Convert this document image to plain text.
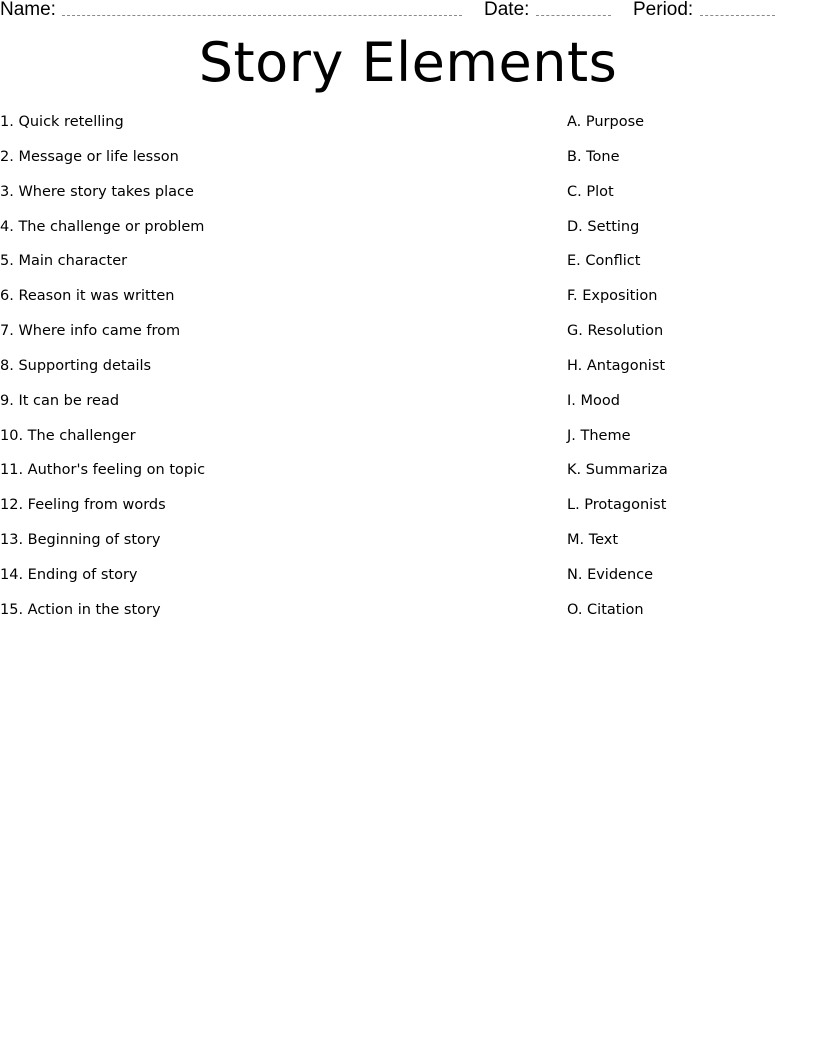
Name:	Date:	Period:
Story Elements
1. Quick retelling
2. Message or life lesson
3. Where story takes place
4. The challenge or problem
5. Main character
6. Reason it was written
7. Where info came from
8. Supporting details
9. It can be read
10. The challenger
11. Author's feeling on topic
12. Feeling from words
13. Beginning of story
14. Ending of story
15. Action in the story
A. Purpose
B. Tone
C. Plot
D. Setting
E. Conflict
F. Exposition
G. Resolution
H. Antagonist
I. Mood
J. Theme
K. Summariza
L. Protagonist
M. Text
N. Evidence
O. Citation
